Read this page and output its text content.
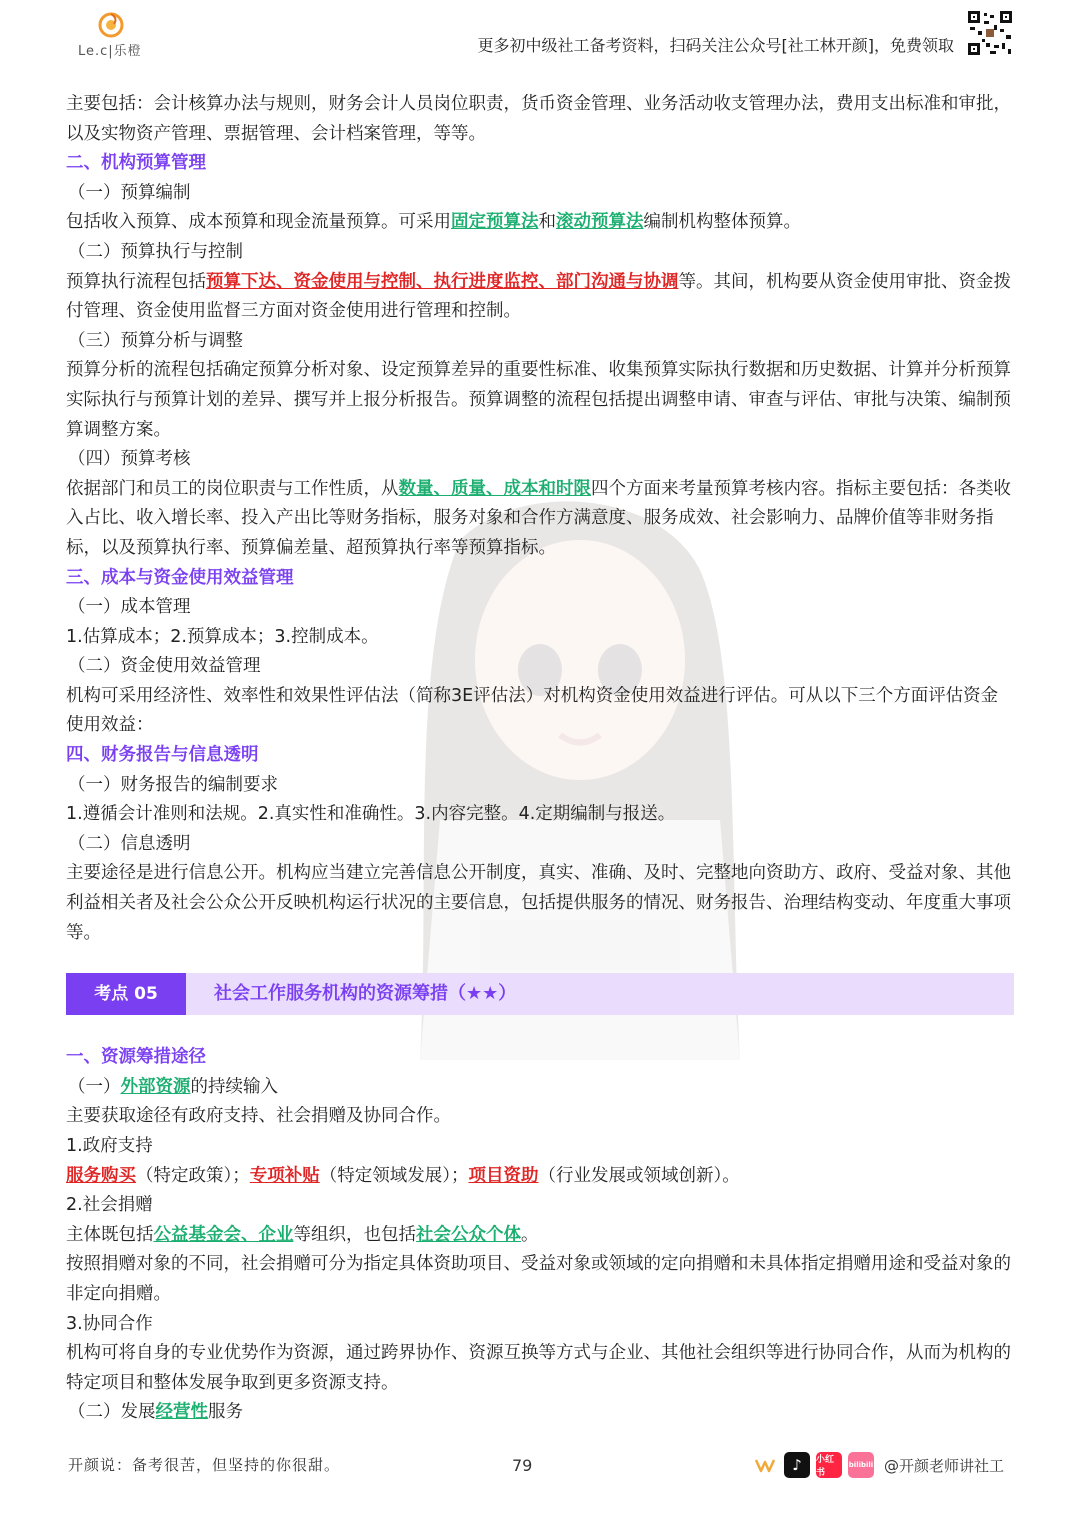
Le.c|乐橙	更多初中级社工备考资料，扫码关注公众号[社工林开颜]，免费领取

主要包括：会计核算办法与规则，财务会计人员岗位职责，货币资金管理、业务活动收支管理办法，费用支出标准和审批，以及实物资产管理、票据管理、会计档案管理，等等。

二、机构预算管理

（一）预算编制

包括收入预算、成本预算和现金流量预算。可采用固定预算法和滚动预算法编制机构整体预算。

（二）预算执行与控制

预算执行流程包括预算下达、资金使用与控制、执行进度监控、部门沟通与协调等。其间，机构要从资金使用审批、资金拨付管理、资金使用监督三方面对资金使用进行管理和控制。

（三）预算分析与调整

预算分析的流程包括确定预算分析对象、设定预算差异的重要性标准、收集预算实际执行数据和历史数据、计算并分析预算实际执行与预算计划的差异、撰写并上报分析报告。预算调整的流程包括提出调整申请、审查与评估、审批与决策、编制预算调整方案。

（四）预算考核

依据部门和员工的岗位职责与工作性质，从数量、质量、成本和时限四个方面来考量预算考核内容。指标主要包括：各类收入占比、收入增长率、投入产出比等财务指标，服务对象和合作方满意度、服务成效、社会影响力、品牌价值等非财务指标，以及预算执行率、预算偏差量、超预算执行率等预算指标。

三、成本与资金使用效益管理

（一）成本管理

1.估算成本；2.预算成本；3.控制成本。

（二）资金使用效益管理

机构可采用经济性、效率性和效果性评估法（简称3E评估法）对机构资金使用效益进行评估。可从以下三个方面评估资金使用效益：

四、财务报告与信息透明

（一）财务报告的编制要求

1.遵循会计准则和法规。2.真实性和准确性。3.内容完整。4.定期编制与报送。

（二）信息透明

主要途径是进行信息公开。机构应当建立完善信息公开制度，真实、准确、及时、完整地向资助方、政府、受益对象、其他利益相关者及社会公众公开反映机构运行状况的主要信息，包括提供服务的情况、财务报告、治理结构变动、年度重大事项等。

考点 05	社会工作服务机构的资源筹措（★★）

一、资源筹措途径

（一）外部资源的持续输入

主要获取途径有政府支持、社会捐赠及协同合作。

1.政府支持

服务购买（特定政策）；专项补贴（特定领域发展）；项目资助（行业发展或领域创新）。

2.社会捐赠

主体既包括公益基金会、企业等组织，也包括社会公众个体。

按照捐赠对象的不同，社会捐赠可分为指定具体资助项目、受益对象或领域的定向捐赠和未具体指定捐赠用途和受益对象的非定向捐赠。

3.协同合作

机构可将自身的专业优势作为资源，通过跨界协作、资源互换等方式与企业、其他社会组织等进行协同合作，从而为机构的特定项目和整体发展争取到更多资源支持。

（二）发展经营性服务

开颜说：备考很苦，但坚持的你很甜。	79	♪	小红书
bilibili @开颜老师讲社工
